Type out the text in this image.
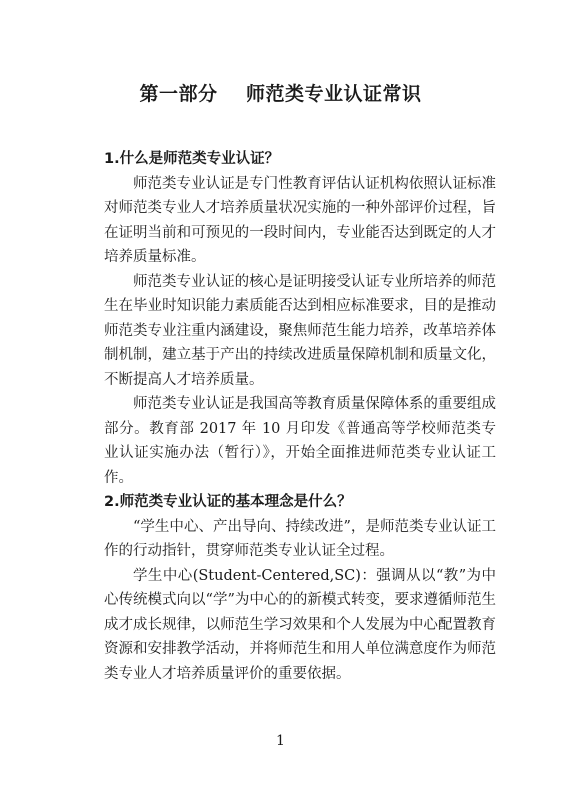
第一部分    师范类专业认证常识

1.什么是师范类专业认证？

师范类专业认证是专门性教育评估认证机构依照认证标准对师范类专业人才培养质量状况实施的一种外部评价过程，旨在证明当前和可预见的一段时间内，专业能否达到既定的人才培养质量标准。

师范类专业认证的核心是证明接受认证专业所培养的师范生在毕业时知识能力素质能否达到相应标准要求，目的是推动师范类专业注重内涵建设，聚焦师范生能力培养，改革培养体制机制，建立基于产出的持续改进质量保障机制和质量文化，不断提高人才培养质量。

师范类专业认证是我国高等教育质量保障体系的重要组成部分。教育部 2017 年 10 月印发《普通高等学校师范类专业认证实施办法（暂行）》，开始全面推进师范类专业认证工作。

2.师范类专业认证的基本理念是什么？

“学生中心、产出导向、持续改进”，是师范类专业认证工作的行动指针，贯穿师范类专业认证全过程。

学生中心(Student-Centered,SC)：强调从以“教”为中心传统模式向以“学”为中心的的新模式转变，要求遵循师范生成才成长规律，以师范生学习效果和个人发展为中心配置教育资源和安排教学活动，并将师范生和用人单位满意度作为师范类专业人才培养质量评价的重要依据。

1
